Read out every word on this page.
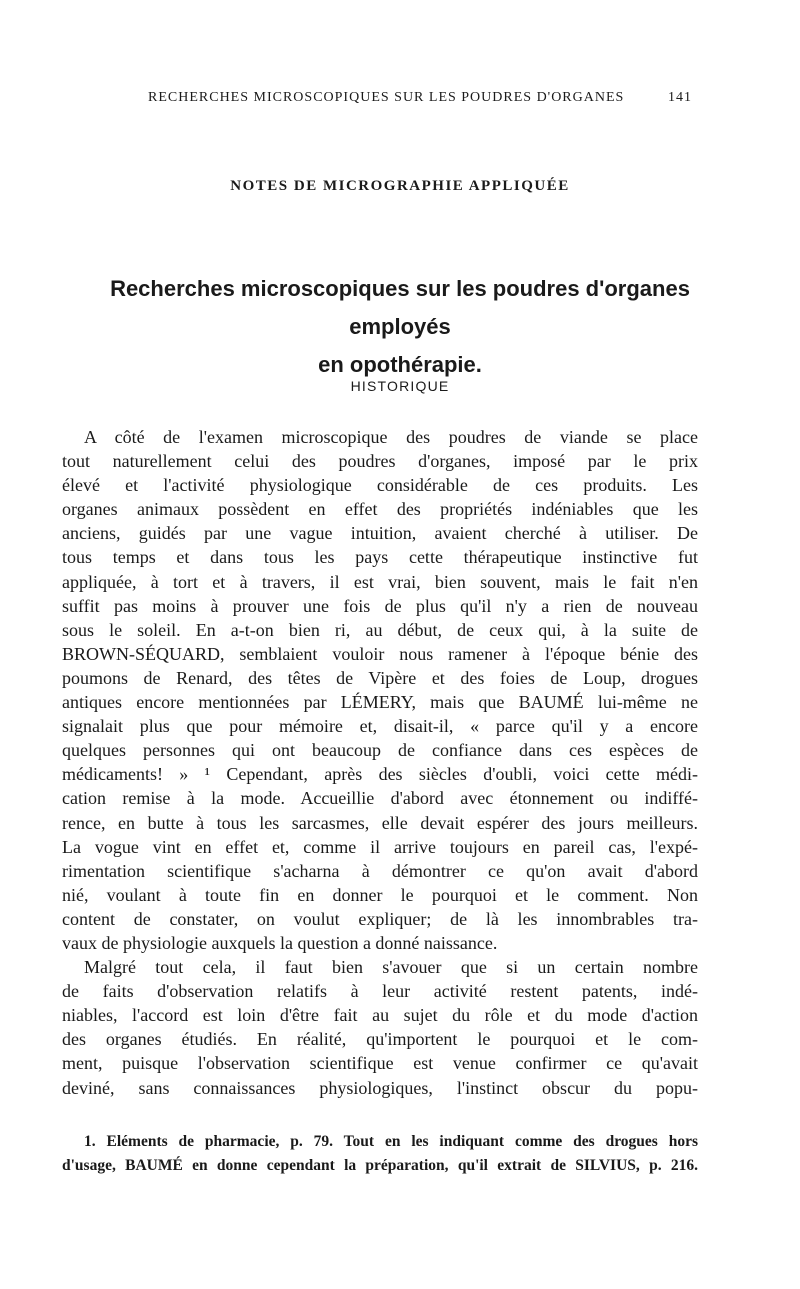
RECHERCHES MICROSCOPIQUES SUR LES POUDRES D'ORGANES	141
NOTES DE MICROGRAPHIE APPLIQUÉE
Recherches microscopiques sur les poudres d'organes employés
en opothérapie.
HISTORIQUE
A côté de l'examen microscopique des poudres de viande se place
tout naturellement celui des poudres d'organes, imposé par le prix
élevé et l'activité physiologique considérable de ces produits. Les
organes animaux possèdent en effet des propriétés indéniables que les
anciens, guidés par une vague intuition, avaient cherché à utiliser. De
tous temps et dans tous les pays cette thérapeutique instinctive fut
appliquée, à tort et à travers, il est vrai, bien souvent, mais le fait n'en
suffit pas moins à prouver une fois de plus qu'il n'y a rien de nouveau
sous le soleil. En a-t-on bien ri, au début, de ceux qui, à la suite de
BROWN-SÉQUARD, semblaient vouloir nous ramener à l'époque bénie des
poumons de Renard, des têtes de Vipère et des foies de Loup, drogues
antiques encore mentionnées par LÉMERY, mais que BAUMÉ lui-même ne
signalait plus que pour mémoire et, disait-il, « parce qu'il y a encore
quelques personnes qui ont beaucoup de confiance dans ces espèces de
médicaments! » ¹ Cependant, après des siècles d'oubli, voici cette médi-
cation remise à la mode. Accueillie d'abord avec étonnement ou indiffé-
rence, en butte à tous les sarcasmes, elle devait espérer des jours meilleurs.
La vogue vint en effet et, comme il arrive toujours en pareil cas, l'expé-
rimentation scientifique s'acharna à démontrer ce qu'on avait d'abord
nié, voulant à toute fin en donner le pourquoi et le comment. Non
content de constater, on voulut expliquer; de là les innombrables tra-
vaux de physiologie auxquels la question a donné naissance.
Malgré tout cela, il faut bien s'avouer que si un certain nombre
de faits d'observation relatifs à leur activité restent patents, indé-
niables, l'accord est loin d'être fait au sujet du rôle et du mode d'action
des organes étudiés. En réalité, qu'importent le pourquoi et le com-
ment, puisque l'observation scientifique est venue confirmer ce qu'avait
deviné, sans connaissances physiologiques, l'instinct obscur du popu-
1. Eléments de pharmacie, p. 79. Tout en les indiquant comme des drogues hors
d'usage, BAUMÉ en donne cependant la préparation, qu'il extrait de SILVIUS, p. 216.
